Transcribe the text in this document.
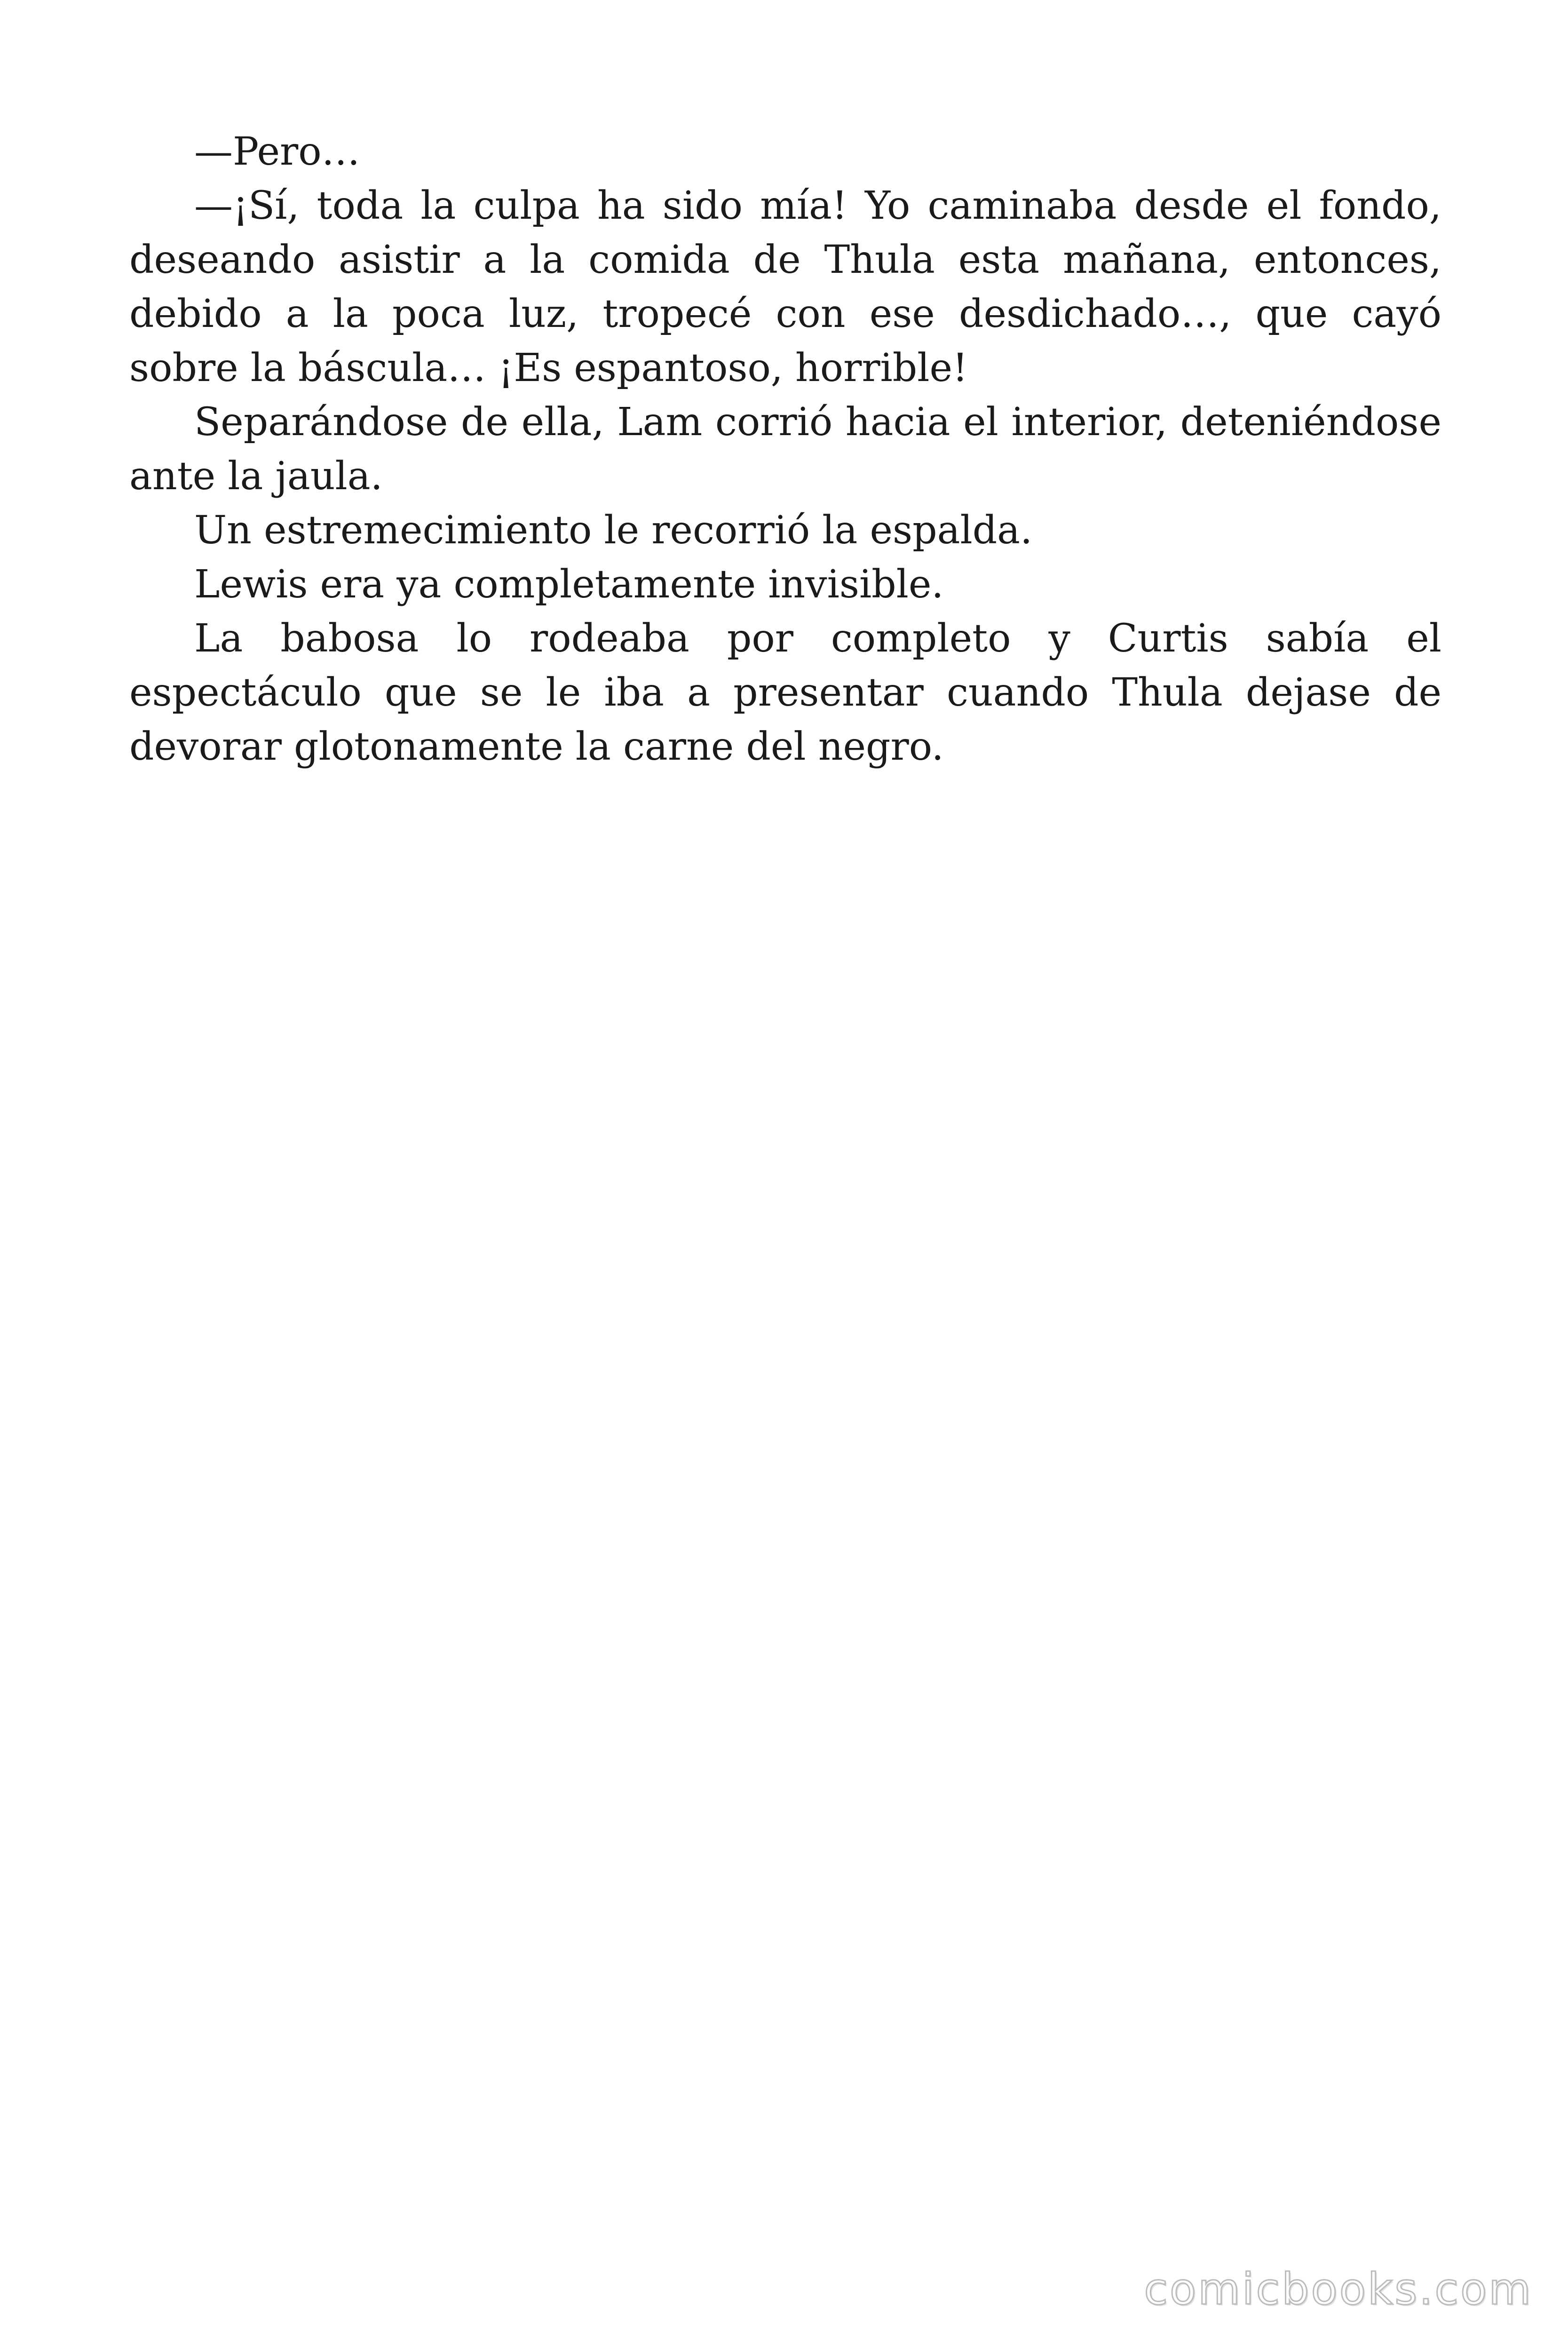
—Pero…

—¡Sí, toda la culpa ha sido mía! Yo caminaba desde el fondo, deseando asistir a la comida de Thula esta mañana, entonces, debido a la poca luz, tropecé con ese desdichado…, que cayó sobre la báscula… ¡Es espantoso, horrible!

Separándose de ella, Lam corrió hacia el interior, deteniéndose ante la jaula.

Un estremecimiento le recorrió la espalda.

Lewis era ya completamente invisible.

La babosa lo rodeaba por completo y Curtis sabía el espectáculo que se le iba a presentar cuando Thula dejase de devorar glotonamente la carne del negro.

comicbooks.com
